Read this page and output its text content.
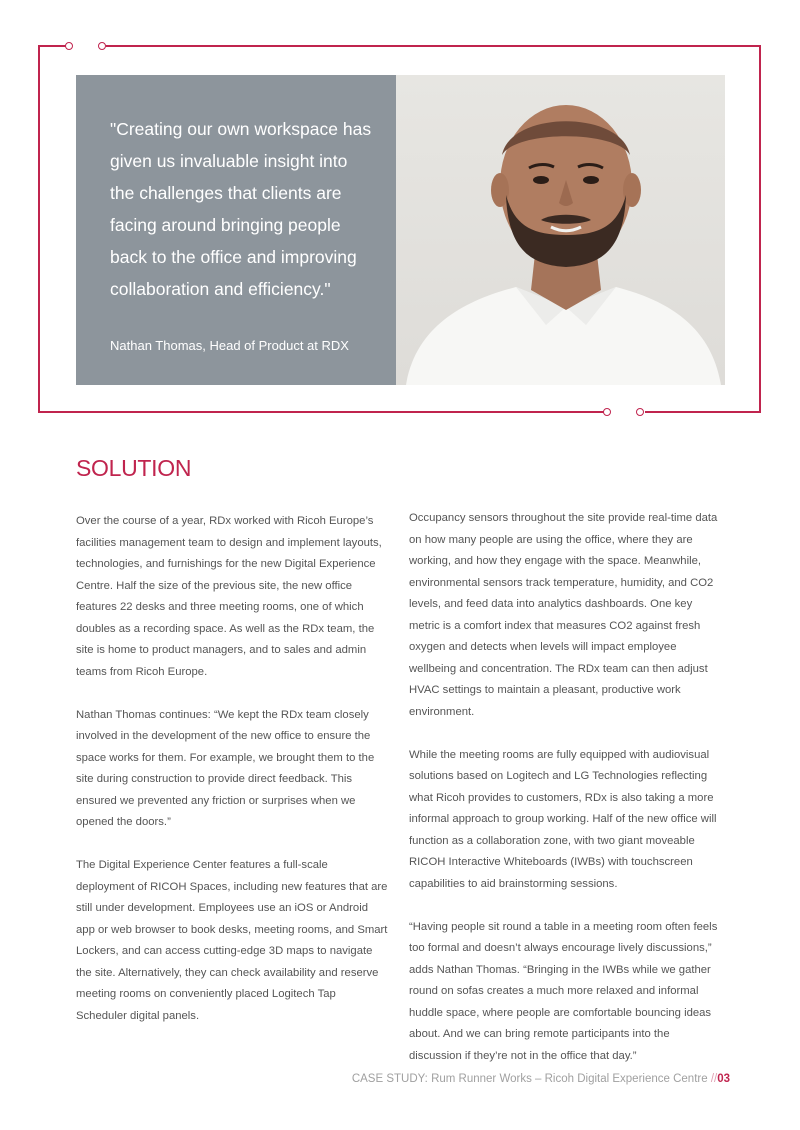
"Creating our own workspace has given us invaluable insight into the challenges that clients are facing around bringing people back to the office and improving collaboration and efficiency."

Nathan Thomas, Head of Product at RDX

SOLUTION

Over the course of a year, RDx worked with Ricoh Europe’s facilities management team to design and implement layouts, technologies, and furnishings for the new Digital Experience Centre. Half the size of the previous site, the new office features 22 desks and three meeting rooms, one of which doubles as a recording space. As well as the RDx team, the site is home to product managers, and to sales and admin teams from Ricoh Europe.

Nathan Thomas continues: “We kept the RDx team closely involved in the development of the new office to ensure the space works for them. For example, we brought them to the site during construction to provide direct feedback. This ensured we prevented any friction or surprises when we opened the doors.”

The Digital Experience Center features a full-scale deployment of RICOH Spaces, including new features that are still under development. Employees use an iOS or Android app or web browser to book desks, meeting rooms, and Smart Lockers, and can access cutting-edge 3D maps to navigate the site. Alternatively, they can check availability and reserve meeting rooms on conveniently placed Logitech Tap Scheduler digital panels.

Occupancy sensors throughout the site provide real-time data on how many people are using the office, where they are working, and how they engage with the space. Meanwhile, environmental sensors track temperature, humidity, and CO2 levels, and feed data into analytics dashboards. One key metric is a comfort index that measures CO2 against fresh oxygen and detects when levels will impact employee wellbeing and concentration. The RDx team can then adjust HVAC settings to maintain a pleasant, productive work environment.

While the meeting rooms are fully equipped with audiovisual solutions based on Logitech and LG Technologies reflecting what Ricoh provides to customers, RDx is also taking a more informal approach to group working. Half of the new office will function as a collaboration zone, with two giant moveable RICOH Interactive Whiteboards (IWBs) with touchscreen capabilities to aid brainstorming sessions.

“Having people sit round a table in a meeting room often feels too formal and doesn’t always encourage lively discussions,” adds Nathan Thomas. “Bringing in the IWBs while we gather round on sofas creates a much more relaxed and informal huddle space, where people are comfortable bouncing ideas about. And we can bring remote participants into the discussion if they’re not in the office that day.”

CASE STUDY: Rum Runner Works – Ricoh Digital Experience Centre //03
